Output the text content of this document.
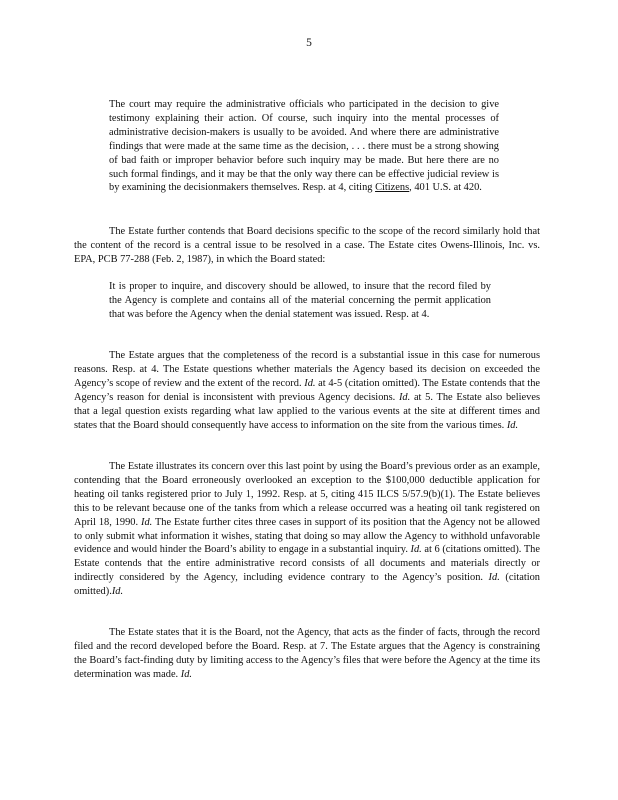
5

The court may require the administrative officials who participated in the decision to give testimony explaining their action. Of course, such inquiry into the mental processes of administrative decision-makers is usually to be avoided. And where there are administrative findings that were made at the same time as the decision, . . . there must be a strong showing of bad faith or improper behavior before such inquiry may be made. But here there are no such formal findings, and it may be that the only way there can be effective judicial review is by examining the decisionmakers themselves. Resp. at 4, citing Citizens, 401 U.S. at 420.

The Estate further contends that Board decisions specific to the scope of the record similarly hold that the content of the record is a central issue to be resolved in a case. The Estate cites Owens-Illinois, Inc. vs. EPA, PCB 77-288 (Feb. 2, 1987), in which the Board stated:

It is proper to inquire, and discovery should be allowed, to insure that the record filed by the Agency is complete and contains all of the material concerning the permit application that was before the Agency when the denial statement was issued. Resp. at 4.

The Estate argues that the completeness of the record is a substantial issue in this case for numerous reasons. Resp. at 4. The Estate questions whether materials the Agency based its decision on exceeded the Agency’s scope of review and the extent of the record. Id. at 4-5 (citation omitted). The Estate contends that the Agency’s reason for denial is inconsistent with previous Agency decisions. Id. at 5. The Estate also believes that a legal question exists regarding what law applied to the various events at the site at different times and states that the Board should consequently have access to information on the site from the various times. Id.

The Estate illustrates its concern over this last point by using the Board’s previous order as an example, contending that the Board erroneously overlooked an exception to the $100,000 deductible application for heating oil tanks registered prior to July 1, 1992. Resp. at 5, citing 415 ILCS 5/57.9(b)(1). The Estate believes this to be relevant because one of the tanks from which a release occurred was a heating oil tank registered on April 18, 1990. Id. The Estate further cites three cases in support of its position that the Agency not be allowed to only submit what information it wishes, stating that doing so may allow the Agency to withhold unfavorable evidence and would hinder the Board’s ability to engage in a substantial inquiry. Id. at 6 (citations omitted). The Estate contends that the entire administrative record consists of all documents and materials directly or indirectly considered by the Agency, including evidence contrary to the Agency’s position. Id. (citation omitted).Id.

The Estate states that it is the Board, not the Agency, that acts as the finder of facts, through the record filed and the record developed before the Board. Resp. at 7. The Estate argues that the Agency is constraining the Board’s fact-finding duty by limiting access to the Agency’s files that were before the Agency at the time its determination was made. Id.
